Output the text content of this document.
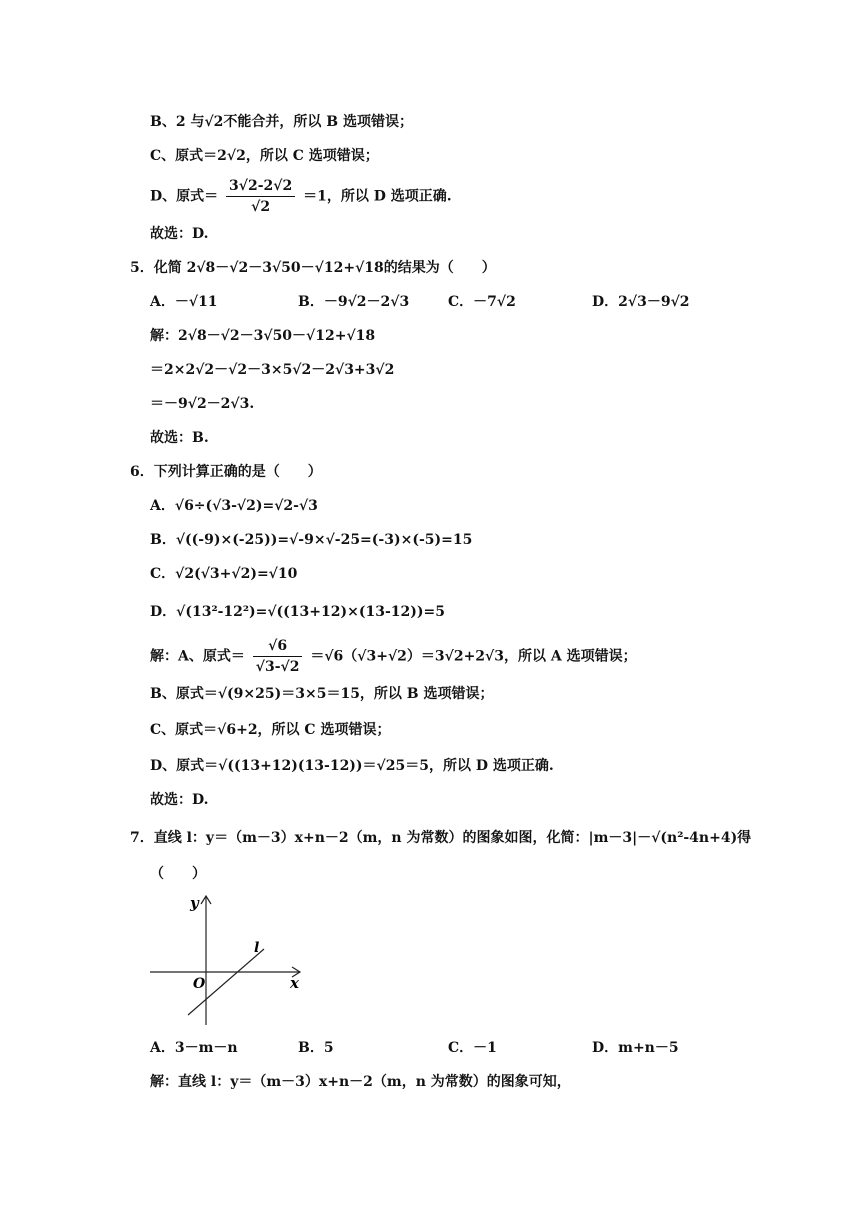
B、2 与√2不能合并，所以 B 选项错误；
C、原式＝2√2，所以 C 选项错误；
D、原式＝ $\frac{3√2-2√2}{√2} =1$，所以 D 选项正确.
故选：D.
5．化简 2√8－√2－3√50－√12+√18的结果为（　　）
A．－√11	B．－9√2－2√3	C．－7√2	D．2√3－9√2
解：2√8－√2－3√50－√12+√18
＝2×2√2－√2－3×5√2－2√3+3√2
＝－9√2－2√3.
故选：B.
6．下列计算正确的是（　　）
A．√6÷(√3-√2)=√2-√3
B．√((-9)×(-25))=√-9×√-25=(-3)×(-5)=15
C．√2(√3+√2)=√10
D．√(13²-12²)=√((13+12)×(13-12))=5
解：A、原式＝ $\frac{√6}{√3-√2} =√6(√3+√2)=3√2+2√3$，所以 A 选项错误；
B、原式＝√(9×25)＝3×5＝15，所以 B 选项错误；
C、原式＝√6+2，所以 C 选项错误；
D、原式＝√((13+12)(13-12))＝√25＝5，所以 D 选项正确.
故选：D.
7．直线 l：y＝（m－3）x+n－2（m，n 为常数）的图象如图，化简：|m－3|－√(n²-4n+4)得
（　　）
y
x
O
l
A．3－m－n	B．5	C．－1	D．m+n－5
解：直线 l：y＝（m－3）x+n－2（m，n 为常数）的图象可知，
